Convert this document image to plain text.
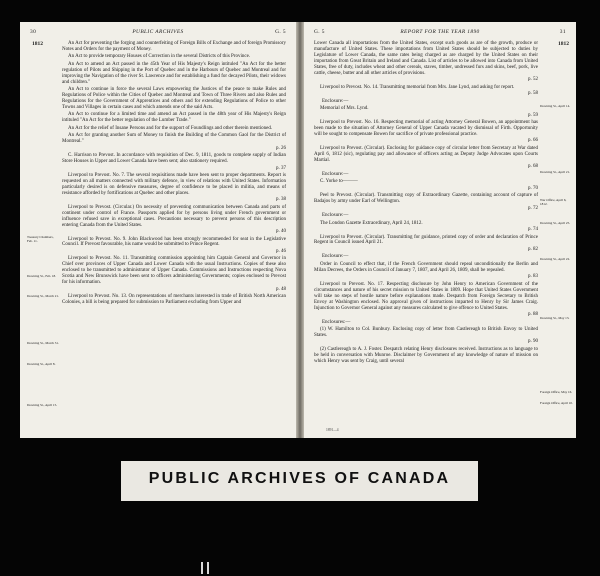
30	PUBLIC ARCHIVES	G. 5
1812	An Act for preventing the forging and counterfeiting of Foreign Bills of Exchange and of foreign Promissory Notes and Orders for the payment of Money.

An Act to provide temporary Houses of Correction in the several Districts of this Province.

An Act to amend an Act passed in the 45th Year of His Majesty's Reign intituled "An Act for the better regulation of Pilots and Shipping in the Port of Quebec and in the Harbours of Quebec and Montreal and for improving the Navigation of the river St. Lawrence and for establishing a fund for decayed Pilots, their widows and children."

An Act to continue in force the several Laws empowering the Justices of the peace to make Rules and Regulations of Police within the Cities of Quebec and Montreal and Town of Three Rivers and also Rules and Regulations for the Government of Apprentices and others and for extending Regulations of Police to other Towns and Villages in certain cases and which amends one of the said Acts.

An Act to continue for a limited time and amend an Act passed in the 48th year of His Majesty's Reign intituled "An Act for the better regulation of the Lumber Trade."

An Act for the relief of Insane Persons and for the support of Foundlings and other therein mentioned.

An Act for granting another Sum of Money to finish the Building of the Common Gaol for the District of Montreal."

p. 26

C. Harrison to Prevost. In accordance with requisition of Dec. 9, 1811, goods to complete supply of Indian Store Houses in Upper and Lower Canada have been sent; also stationery required.

p. 37

Liverpool to Prevost. No. 7. The several requisitions made have been sent to proper departments. Report is requested on all matters connected with military defence, in view of relations with United States. Information particularly desired is on defensive measures, degree of confidence to be placed in militia, and means of resistance afforded by fortifications at Quebec and other places.

p. 38

Liverpool to Prevost. (Circular.) On necessity of preventing communication between Canada and parts of continent under control of France. Passports applied for by persons living under French government or influence refused save in exceptional cases. Precautions necessary to prevent persons of this description entering Canada from the United States.

p. 40

Liverpool to Prevost. No. 9. John Blackwood has been strongly recommended for seat in the Legislative Council. If Prevost favourable, his name would be submitted to Prince Regent.

p. 46

Liverpool to Prevost. No. 11. Transmitting commission appointing him Captain General and Governor in Chief over provinces of Upper Canada and Lower Canada with the usual Instructions. Copies of these also enclosed to be transmitted to administrator of Upper Canada. Commissions and Instructions respecting Nova Scotia and New Brunswick have been sent to officers administering Governments; copies enclosed to Prevost for his information.

p. 48

Liverpool to Prevost. No. 13. On representations of merchants interested in trade of British North American Colonies, a bill is being prepared for submission to Parliament excluding from Upper and

Treasury Chambers, Feb. 11.
Downing St., Feb. 18.
Downing St., March 21.
Downing St., March 31.
Downing St., April 8.
Downing St., April 15.
G. 5	REPORT FOR THE YEAR 1890	31
1812

Lower Canada all importations from the United States, except such goods as are of the growth, produce or manufacture of United States. These importations from United States should be subjected to duties by Legislature of Lower Canada, the same rates being charged as are charged by the United States on their importation from Great Britain and Ireland and Canada. List of articles to be allowed into Canada from United States, free of duty, includes wheat and other cereals, staves, timber, undressed furs and skins, beef, pork, live cattle, cheese, butter and all other articles of provisions.

p. 52

Liverpool to Prevost. No. 14. Transmitting memorial from Mrs. Jane Lynd, and asking for report.

p. 58

Enclosure:—

Memorial of Mrs. Lynd.

p. 59

Liverpool to Prevost. No. 16. Respecting memorial of acting Attorney General Bowen, an appointment has been made to the situation of Attorney General of Upper Canada vacated by dismissal of Firth. Opportunity will be sought to compensate Bowen for sacrifice of private professional practice.

p. 66

Liverpool to Prevost. (Circular). Enclosing for guidance copy of circular letter from Secretary at War dated April 6, 1812 (sic), regulating pay and allowance of officers acting as Deputy Judge Advocates upon Courts Martial.

p. 68

Enclosure:—

C. Yorke to———

p. 70

Peel to Prevost. (Circular). Transmitting copy of Extraordinary Gazette, containing account of capture of Badajos by army under Earl of Wellington.

p. 72

Enclosure:—

The London Gazette Extraordinary, April 24, 1812.

p. 74

Liverpool to Prevost. (Circular). Transmitting for guidance, printed copy of order and declaration of Prince Regent in Council issued April 21.

p. 82

Enclosure:—

Order in Council to effect that, if the French Government should repeal unconditionally the Berlin and Milan Decrees, the Orders in Council of January 7, 1807, and April 26, 1809, shall be repealed.

p. 83

Liverpool to Prevost. No. 17. Respecting disclosure by John Henry to American Government of the circumstances and nature of his secret mission to United States in 1809. Hope that United States Government will take no steps of hostile nature before explanations made. Despatch from Foreign Secretary to British Envoy at Washington enclosed. No approval given of instructions imparted to Henry by Sir James Craig. Injunction to Governor General against any measures calculated to give offence to United States.

p. 88

Enclosures:—

(1) W. Hamilton to Col. Bunbury. Enclosing copy of letter from Castlereagh to British Envoy to United States.

p. 90

(2) Castlereagh to A. J. Foster. Despatch relating Henry disclosures received. Instructions as to language to be held in conversation with Munroe. Disclaimer by Government of any knowledge of nature of mission on which Henry was sent by Craig, until several

Downing St., April 14.
Downing St., April 21.
War Office, April 6, 1812.
Downing St., April 25.
Downing St., April 22.
Downing St., May 13.
Foreign Office, May 16.
Foreign Office, April 10.
1891—4
PUBLIC ARCHIVES OF CANADA
